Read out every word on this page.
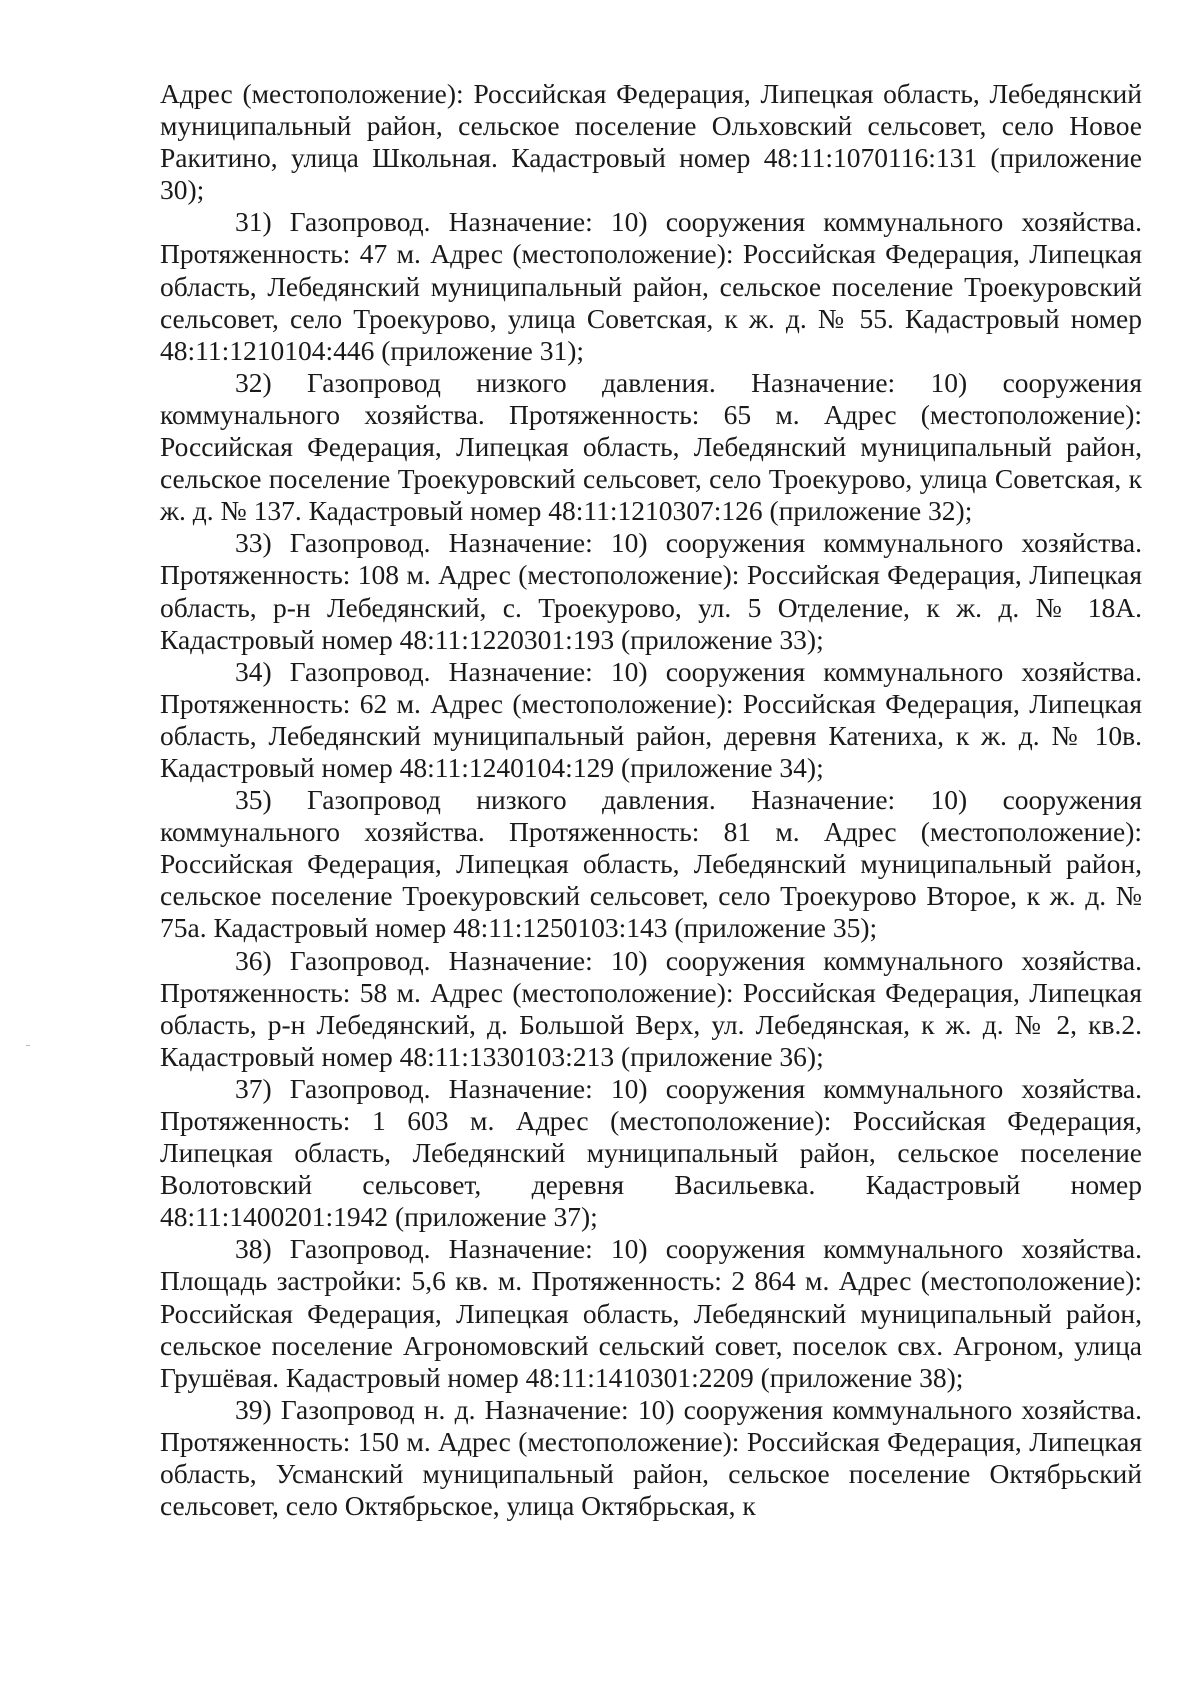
Адрес (местоположение): Российская Федерация, Липецкая область, Лебедянский муниципальный район, сельское поселение Ольховский сельсовет, село Новое Ракитино, улица Школьная. Кадастровый номер 48:11:1070116:131 (приложение 30);

31) Газопровод. Назначение: 10) сооружения коммунального хозяйства. Протяженность: 47 м. Адрес (местоположение): Российская Федерация, Липецкая область, Лебедянский муниципальный район, сельское поселение Троекуровский сельсовет, село Троекурово, улица Советская, к ж. д. № 55. Кадастровый номер 48:11:1210104:446 (приложение 31);

32) Газопровод низкого давления. Назначение: 10) сооружения коммунального хозяйства. Протяженность: 65 м. Адрес (местоположение): Российская Федерация, Липецкая область, Лебедянский муниципальный район, сельское поселение Троекуровский сельсовет, село Троекурово, улица Советская, к ж. д. № 137. Кадастровый номер 48:11:1210307:126 (приложение 32);

33) Газопровод. Назначение: 10) сооружения коммунального хозяйства. Протяженность: 108 м. Адрес (местоположение): Российская Федерация, Липецкая область, р-н Лебедянский, с. Троекурово, ул. 5 Отделение, к ж. д. № 18А. Кадастровый номер 48:11:1220301:193 (приложение 33);

34) Газопровод. Назначение: 10) сооружения коммунального хозяйства. Протяженность: 62 м. Адрес (местоположение): Российская Федерация, Липецкая область, Лебедянский муниципальный район, деревня Катениха, к ж. д. № 10в. Кадастровый номер 48:11:1240104:129 (приложение 34);

35) Газопровод низкого давления. Назначение: 10) сооружения коммунального хозяйства. Протяженность: 81 м. Адрес (местоположение): Российская Федерация, Липецкая область, Лебедянский муниципальный район, сельское поселение Троекуровский сельсовет, село Троекурово Второе, к ж. д. № 75а. Кадастровый номер 48:11:1250103:143 (приложение 35);

36) Газопровод. Назначение: 10) сооружения коммунального хозяйства. Протяженность: 58 м. Адрес (местоположение): Российская Федерация, Липецкая область, р-н Лебедянский, д. Большой Верх, ул. Лебедянская, к ж. д. № 2, кв.2. Кадастровый номер 48:11:1330103:213 (приложение 36);

37) Газопровод. Назначение: 10) сооружения коммунального хозяйства. Протяженность: 1 603 м. Адрес (местоположение): Российская Федерация, Липецкая область, Лебедянский муниципальный район, сельское поселение Волотовский сельсовет, деревня Васильевка. Кадастровый номер 48:11:1400201:1942 (приложение 37);

38) Газопровод. Назначение: 10) сооружения коммунального хозяйства. Площадь застройки: 5,6 кв. м. Протяженность: 2 864 м. Адрес (местоположение): Российская Федерация, Липецкая область, Лебедянский муниципальный район, сельское поселение Агрономовский сельский совет, поселок свх. Агроном, улица Грушёвая. Кадастровый номер 48:11:1410301:2209 (приложение 38);

39) Газопровод н. д. Назначение: 10) сооружения коммунального хозяйства. Протяженность: 150 м. Адрес (местоположение): Российская Федерация, Липецкая область, Усманский муниципальный район, сельское поселение Октябрьский сельсовет, село Октябрьское, улица Октябрьская, к
